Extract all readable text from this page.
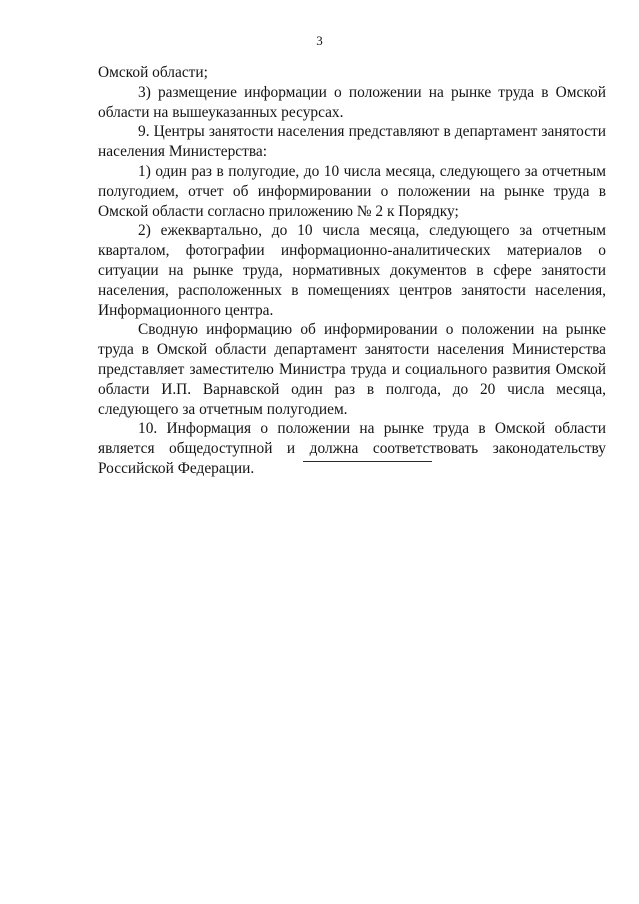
3

Омской области;

3) размещение информации о положении на рынке труда в Омской области на вышеуказанных ресурсах.

9. Центры занятости населения представляют в департамент занятости населения Министерства:

1) один раз в полугодие, до 10 числа месяца, следующего за отчетным полугодием, отчет об информировании о положении на рынке труда в Омской области согласно приложению № 2 к Порядку;

2) ежеквартально, до 10 числа месяца, следующего за отчетным кварталом, фотографии информационно-аналитических материалов о ситуации на рынке труда, нормативных документов в сфере занятости населения, расположенных в помещениях центров занятости населения, Информационного центра.

Сводную информацию об информировании о положении на рынке труда в Омской области департамент занятости населения Министерства представляет заместителю Министра труда и социального развития Омской области И.П. Варнавской один раз в полгода, до 20 числа месяца, следующего за отчетным полугодием.

10. Информация о положении на рынке труда в Омской области является общедоступной и должна соответствовать законодательству Российской Федерации.
